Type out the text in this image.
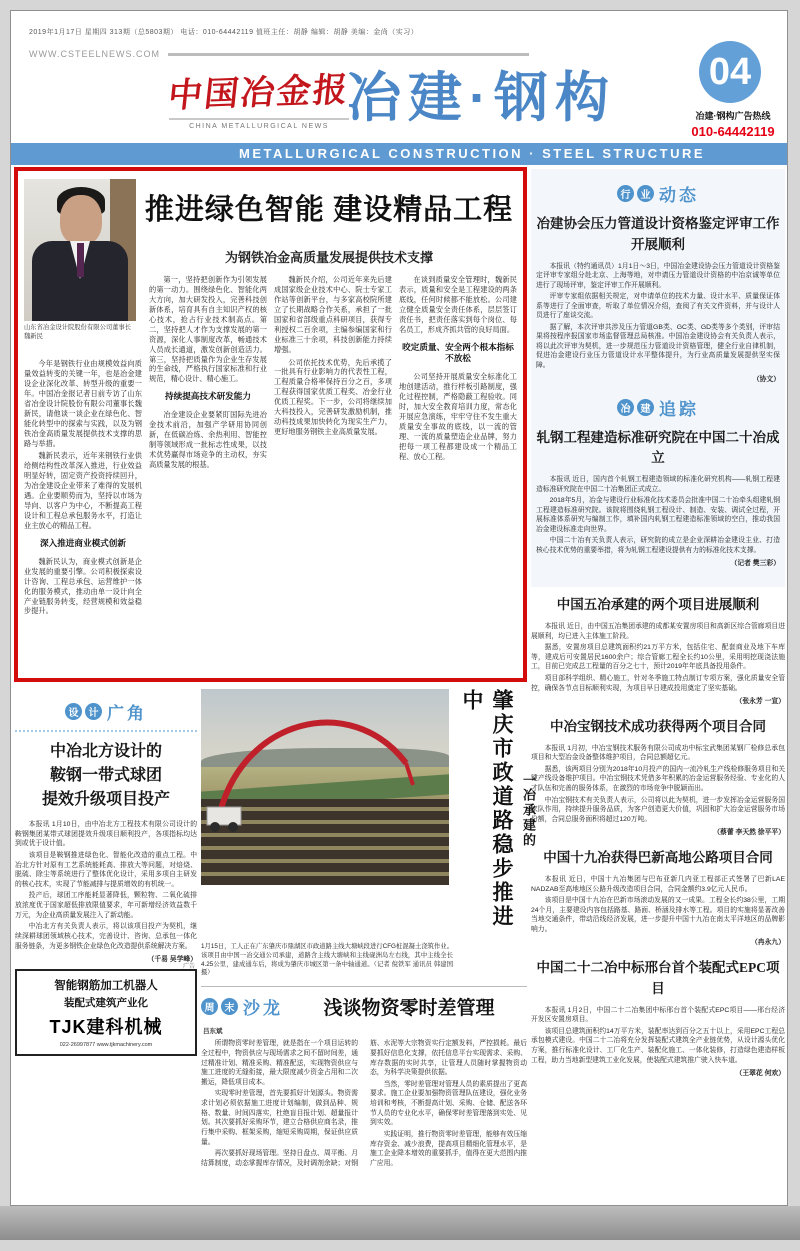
2019年1月17日 星期四 313期（总5803期） 电话：010-64442119 值班主任：胡静 编辑：胡静 美编：金尚（实习）
WWW.CSTEELNEWS.COM
中国冶金报
CHINA METALLURGICAL NEWS 冶建·钢构 04
冶建·钢构广告热线
010-64442119
METALLURGICAL CONSTRUCTION · STEEL STRUCTURE
山东省冶金设计院股份有限公司董事长 魏新民
推进绿色智能 建设精品工程
为钢铁冶金高质量发展提供技术支撑

今年是钢铁行业由规模效益向质量效益转变的关键一年，也是冶金建设企业深化改革、转型升级的重要一年。中国冶金报记者日前专访了山东省冶金设计院股份有限公司董事长魏新民，请他谈一谈企业在绿色化、智能化转型中的探索与实践，以及为钢铁冶金高质量发展提供技术支撑的思路与举措。

魏新民表示，近年来钢铁行业供给侧结构性改革深入推进，行业效益明显好转，固定资产投资持续回升，为冶金建设企业带来了难得的发展机遇。企业要顺势而为，坚持以市场为导向、以客户为中心，不断提高工程设计和工程总承包服务水平，打造让业主放心的精品工程。

深入推进商业模式创新

魏新民认为，商业模式创新是企业发展的重要引擎。公司积极探索设计咨询、工程总承包、运营维护一体化的服务模式，推动由单一设计向全产业链服务转变，经营规模和效益稳步提升。

第一，坚持把创新作为引领发展的第一动力。围绕绿色化、智能化两大方向，加大研发投入，完善科技创新体系，培育具有自主知识产权的核心技术，抢占行业技术制高点。第二，坚持把人才作为支撑发展的第一资源，深化人事制度改革，畅通技术人员成长通道，激发创新创造活力。第三，坚持把质量作为企业生存发展的生命线，严格执行国家标准和行业规范，精心设计、精心施工。

持续提高技术研发能力

冶金建设企业要紧盯国际先进冶金技术前沿，加强产学研用协同创新，在低碳冶炼、余热利用、智能控制等领域形成一批标志性成果，以技术优势赢得市场竞争的主动权，夯实高质量发展的根基。

魏新民介绍，公司近年来先后建成国家级企业技术中心、院士专家工作站等创新平台，与多家高校院所建立了长期战略合作关系，承担了一批国家和省部级重点科研项目，获得专利授权二百余项，主编参编国家和行业标准三十余项，科技创新能力持续增强。

公司依托技术优势，先后承揽了一批具有行业影响力的代表性工程，工程质量合格率保持百分之百，多项工程获得国家优质工程奖、冶金行业优质工程奖。下一步，公司将继续加大科技投入，完善研发激励机制，推动科技成果加快转化为现实生产力，更好地服务钢铁主业高质量发展。

在谈到质量安全管理时，魏新民表示，质量和安全是工程建设的两条底线，任何时候都不能放松。公司建立健全质量安全责任体系，层层签订责任书，把责任落实到每个岗位、每名员工，形成齐抓共管的良好局面。

咬定质量、安全两个根本指标不放松

公司坚持开展质量安全标准化工地创建活动，推行样板引路制度，强化过程控制，严格隐蔽工程验收。同时，加大安全教育培训力度，常态化开展应急演练，牢牢守住不发生重大质量安全事故的底线，以一流的管理、一流的质量塑造企业品牌，努力把每一项工程都建设成一个精品工程、放心工程。

行	业 动态
冶建协会压力管道设计资格鉴定评审工作开展顺利

本报讯（特约通讯员）1月1日～3日，中国冶金建设协会压力管道设计资格鉴定评审专家组分赴北京、上海等地，对申请压力管道设计资格的中冶京诚等单位进行了现场评审，鉴定评审工作开展顺利。

评审专家组依据相关规定，对申请单位的技术力量、设计水平、质量保证体系等进行了全面审查，听取了单位情况介绍，查阅了有关文件资料，并与设计人员进行了座谈交流。

据了解，本次评审共涉及压力管道GB类、GC类、GD类等多个类别，评审结果将按程序报国家市场监督管理总局核准。中国冶金建设协会有关负责人表示，将以此次评审为契机，进一步规范压力管道设计资格管理，健全行业自律机制，促进冶金建设行业压力管道设计水平整体提升，为行业高质量发展提供坚实保障。

（协文）
冶	建 追踪
轧钢工程建造标准研究院在中国二十冶成立

本报讯 近日，国内首个轧钢工程建造领域的标准化研究机构——轧钢工程建造标准研究院在中国二十冶集团正式成立。

2018年5月，冶金与建设行业标准化技术委员会批准中国二十冶牵头组建轧钢工程建造标准研究院。该院将围绕轧钢工程设计、制造、安装、调试全过程，开展标准体系研究与编制工作，填补国内轧钢工程建造标准领域的空白，推动我国冶金建设标准走向世界。

中国二十冶有关负责人表示，研究院的成立是企业深耕冶金建设主业、打造核心技术优势的重要举措，将为轧钢工程建设提供有力的标准化技术支撑。

（记者 樊三彩）
中国五冶承建的两个项目进展顺利

本报讯 近日，由中国五冶集团承建的成都某安置房项目和高新区综合管廊项目进展顺利，均已进入主体施工阶段。

据悉，安置房项目总建筑面积约21万平方米，包括住宅、配套商业及地下车库等，建成后可安置居民1600余户；综合管廊工程全长约10公里，采用明挖现浇法施工，目前已完成总工程量的百分之七十，预计2019年年底具备投用条件。

项目部科学组织、精心施工，针对冬季施工特点制订专项方案，强化质量安全管控，确保各节点目标顺利实现，为项目早日建成投用奠定了坚实基础。

（张永芳 一宣）
中冶宝钢技术成功获得两个项目合同

本报讯 1月初，中冶宝钢技术服务有限公司成功中标宝武集团某钢厂检修总承包项目和大型冶金设备整体维护项目，合同总额超亿元。

据悉，该两项目分别为2018年10月投产的国内一流冷轧生产线检修服务项目和关键产线设备维护项目。中冶宝钢技术凭借多年积累的冶金运营服务经验、专业化的人才队伍和完善的服务体系，在激烈的市场竞争中脱颖而出。

中冶宝钢技术有关负责人表示，公司将以此为契机，进一步发挥冶金运营服务国家队作用，持续提升服务品质，为客户创造更大价值，巩固和扩大冶金运营服务市场份额，合同总服务面积将超过120万吨。

（蔡蕾 李天然 徐平平）
中国十九冶获得巴新高地公路项目合同

本报讯 近日，中国十九冶集团与巴布亚新几内亚工程部正式签署了巴新LAE NADZAB至高地地区公路升级改造项目合同，合同金额约3.9亿元人民币。

该项目是中国十九冶在巴新市场滚动发展的又一成果。工程全长约38公里，工期24个月，主要建设内容包括路基、路面、桥涵及排水等工程。项目的实施将显著改善当地交通条件，带动沿线经济发展，进一步提升中国十九冶在南太平洋地区的品牌影响力。

（冉永九）
中国二十二冶中标邢台首个装配式EPC项目

本报讯 1月2日，中国二十二冶集团中标邢台首个装配式EPC项目——邢台经济开发区安置房项目。

该项目总建筑面积约14万平方米，装配率达到百分之五十以上，采用EPC工程总承包模式建设。中国二十二冶将充分发挥装配式建筑全产业链优势，从设计源头优化方案，推行标准化设计、工厂化生产、装配化施工、一体化装修，打造绿色建造样板工程，助力当地新型建筑工业化发展，使装配式建筑推广驶入快车道。

（王翠花 何欢）
设	计 广角
中冶北方设计的
鞍钢一带式球团
提效升级项目投产

本报讯 1月10日，由中冶北方工程技术有限公司设计的鞍钢集团某带式球团提效升级项目顺利投产，各项指标均达到或优于设计值。

该项目是鞍钢推进绿色化、智能化改造的重点工程。中冶北方针对原有工艺系统能耗高、排放大等问题，对焙烧、脱硫、除尘等系统进行了整体优化设计，采用多项自主研发的核心技术，实现了节能减排与提质增效的有机统一。

投产后，球团工序能耗显著降低，颗粒物、二氧化硫排放浓度优于国家超低排放限值要求，年可新增经济效益数千万元，为企业高质量发展注入了新动能。

中冶北方有关负责人表示，将以该项目投产为契机，继续深耕球团领域核心技术，完善设计、咨询、总承包一体化服务链条，为更多钢铁企业绿色化改造提供系统解决方案。

（千易 吴学峰）
广告
智能钢筋加工机器人
装配式建筑产业化
TJK建科机械
022-26997877 www.tjkmachinery.com
肇庆市政道路稳步推进中
一冶承建的
1月15日，工人正在广东肇庆市鼎湖区市政道路主线大塘峡段进行CFG桩混凝土浇筑作业。该项目由中国一冶交通公司承建，道路含主线大塘峡和主线砚洲岛左右线，其中主线全长4.25公里，建成通车后，将成为肇庆市城区第一条中轴通道。（记者 倪铁军 通讯员 韩建国 摄）
周	末 沙龙	浅谈物资零时差管理
吕东斌

所谓物资零时差管理，就是指在一个项目运转的全过程中，物资供应与现场需求之间不留时间差，通过精准计划、精准采购、精准配送，实现物资供应与施工进度的无缝衔接，最大限度减少资金占用和二次搬运，降低项目成本。

实现零时差管理，首先要抓好计划源头。物资需求计划必须依据施工进度计划编制，做到品种、规格、数量、时间四落实，杜绝盲目报计划、超量报计划。其次要抓好采购环节，建立合格供应商名录，推行集中采购、框架采购，缩短采购周期，保证供应质量。

再次要抓好现场管理。坚持日盘点、周平衡、月结算制度，动态掌握库存情况，及时调剂余缺；对钢筋、水泥等大宗物资实行定额发料，严控损耗。最后要抓好信息化支撑，依托信息平台实现需求、采购、库存数据的实时共享，让管理人员随时掌握物资动态，为科学决策提供依据。

当然，零时差管理对管理人员的素质提出了更高要求。施工企业要加强物资管理队伍建设，强化业务培训和考核，不断提高计划、采购、仓储、配送各环节人员的专业化水平，确保零时差管理落到实处、见到实效。

实践证明，推行物资零时差管理，能够有效压缩库存资金、减少浪费，提高项目精细化管理水平，是施工企业降本增效的重要抓手，值得在更大范围内推广应用。
